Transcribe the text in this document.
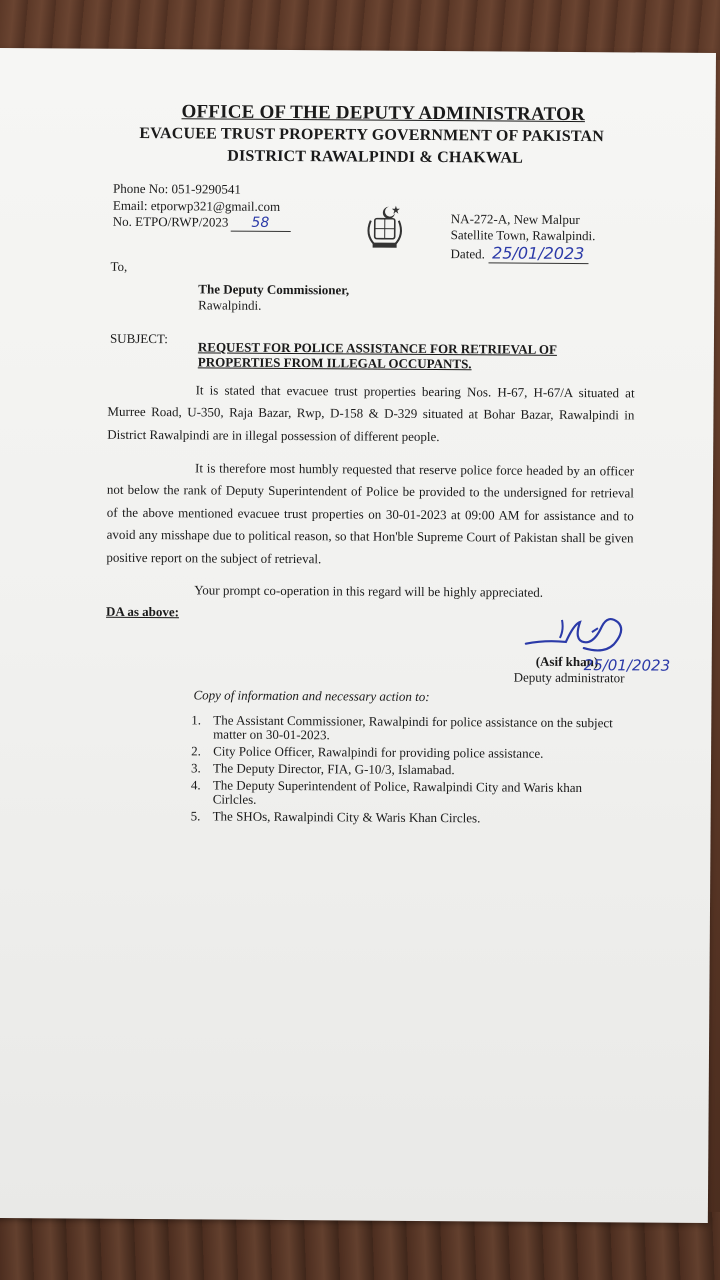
OFFICE OF THE DEPUTY ADMINISTRATOR
EVACUEE TRUST PROPERTY GOVERNMENT OF PAKISTAN
DISTRICT RAWALPINDI & CHAKWAL
Phone No: 051-9290541
Email: etporwp321@gmail.com
No. ETPO/RWP/2023 58	NA-272-A, New Malpur
Satellite Town, Rawalpindi.
Dated. 25/01/2023
To,
The Deputy Commissioner,
Rawalpindi.
SUBJECT:
REQUEST FOR POLICE ASSISTANCE FOR RETRIEVAL OF
PROPERTIES FROM ILLEGAL OCCUPANTS.
It is stated that evacuee trust properties bearing Nos. H-67, H-67/A situated at Murree Road, U-350, Raja Bazar, Rwp, D-158 & D-329 situated at Bohar Bazar, Rawalpindi in District Rawalpindi are in illegal possession of different people.
It is therefore most humbly requested that reserve police force headed by an officer not below the rank of Deputy Superintendent of Police be provided to the undersigned for retrieval of the above mentioned evacuee trust properties on 30-01-2023 at 09:00 AM for assistance and to avoid any misshape due to political reason, so that Hon'ble Supreme Court of Pakistan shall be given positive report on the subject of retrieval.
Your prompt co-operation in this regard will be highly appreciated.
DA as above:
(Asif khan)
Deputy administrator
25/01/2023
Copy of information and necessary action to:
1. The Assistant Commissioner, Rawalpindi for police assistance on the subject matter on 30-01-2023.
2. City Police Officer, Rawalpindi for providing police assistance.
3. The Deputy Director, FIA, G-10/3, Islamabad.
4. The Deputy Superintendent of Police, Rawalpindi City and Waris khan Cirlcles.
5. The SHOs, Rawalpindi City & Waris Khan Circles.
